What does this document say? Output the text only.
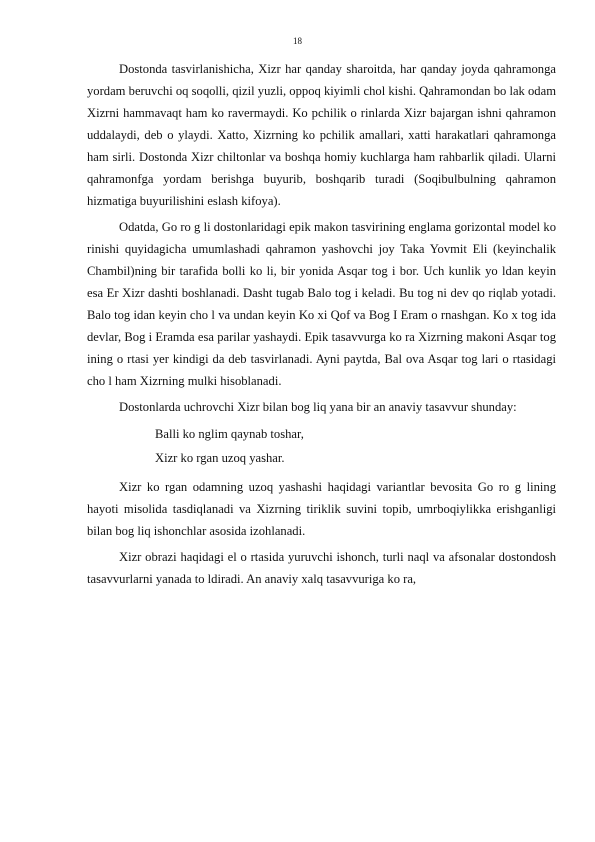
18

Dostonda tasvirlanishicha, Xizr har qanday sharoitda, har qanday joyda qahramonga yordam beruvchi oq soqolli, qizil yuzli, oppoq kiyimli chol kishi. Qahramondan bo lak odam Xizrni hammavaqt ham ko ravermaydi. Ko pchilik o rinlarda Xizr bajargan ishni qahramon uddalaydi, deb o ylaydi. Xatto, Xizrning ko pchilik amallari, xatti harakatlari qahramonga ham sirli. Dostonda Xizr chiltonlar va boshqa homiy kuchlarga ham rahbarlik qiladi. Ularni qahramonfga yordam berishga buyurib, boshqarib turadi (Soqibulbulning qahramon hizmatiga buyurilishini eslash kifoya).

Odatda, Go ro g li dostonlaridagi epik makon tasvirining englama gorizontal model ko rinishi quyidagicha umumlashadi qahramon yashovchi joy Taka Yovmit Eli (keyinchalik Chambil)ning bir tarafida bolli ko li, bir yonida Asqar tog i bor. Uch kunlik yo ldan keyin esa Er Xizr dashti boshlanadi. Dasht tugab Balo tog i keladi. Bu tog ni dev qo riqlab yotadi. Balo tog idan keyin cho l va undan keyin Ko xi Qof va Bog I Eram o rnashgan. Ko x tog ida devlar, Bog i Eramda esa parilar yashaydi. Epik tasavvurga ko ra Xizrning makoni Asqar tog ining o rtasi yer kindigi da deb tasvirlanadi. Ayni paytda, Bal ova Asqar tog lari o rtasidagi cho l ham Xizrning mulki hisoblanadi.

Dostonlarda uchrovchi Xizr bilan bog liq yana bir an anaviy tasavvur shunday:

Balli ko nglim qaynab toshar,

Xizr ko rgan uzoq yashar.

Xizr ko rgan odamning uzoq yashashi haqidagi variantlar bevosita Go ro g lining hayoti misolida tasdiqlanadi va Xizrning tiriklik suvini topib, umrboqiylikka erishganligi bilan bog liq ishonchlar asosida izohlanadi.

Xizr obrazi haqidagi el o rtasida yuruvchi ishonch, turli naql va afsonalar dostondosh tasavvurlarni yanada to ldiradi. An anaviy xalq tasavvuriga ko ra,
